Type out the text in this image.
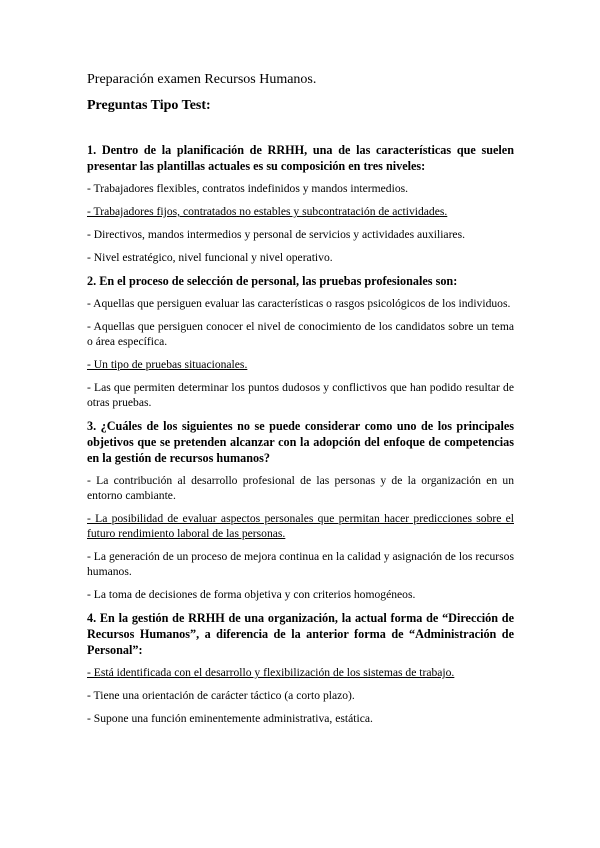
Preparación examen Recursos Humanos.
Preguntas Tipo Test:
1. Dentro de la planificación de RRHH, una de las características que suelen presentar las plantillas actuales es su composición en tres niveles:
- Trabajadores flexibles, contratos indefinidos y mandos intermedios.
- Trabajadores fijos, contratados no estables y subcontratación de actividades.
- Directivos, mandos intermedios y personal de servicios y actividades auxiliares.
- Nivel estratégico, nivel funcional y nivel operativo.
2. En el proceso de selección de personal, las pruebas profesionales son:
- Aquellas que persiguen evaluar las características o rasgos psicológicos de los individuos.
- Aquellas que persiguen conocer el nivel de conocimiento de los candidatos sobre un tema o área específica.
- Un tipo de pruebas situacionales.
- Las que permiten determinar los puntos dudosos y conflictivos que han podido resultar de otras pruebas.
3. ¿Cuáles de los siguientes no se puede considerar como uno de los principales objetivos que se pretenden alcanzar con la adopción del enfoque de competencias en la gestión de recursos humanos?
- La contribución al desarrollo profesional de las personas y de la organización en un entorno cambiante.
- La posibilidad de evaluar aspectos personales que permitan hacer predicciones sobre el futuro rendimiento laboral de las personas.
- La generación de un proceso de mejora continua en la calidad y asignación de los recursos humanos.
- La toma de decisiones de forma objetiva y con criterios homogéneos.
4. En la gestión de RRHH de una organización, la actual forma de “Dirección de Recursos Humanos”, a diferencia de la anterior forma de “Administración de Personal”:
- Está identificada con el desarrollo y flexibilización de los sistemas de trabajo.
- Tiene una orientación de carácter táctico (a corto plazo).
- Supone una función eminentemente administrativa, estática.
